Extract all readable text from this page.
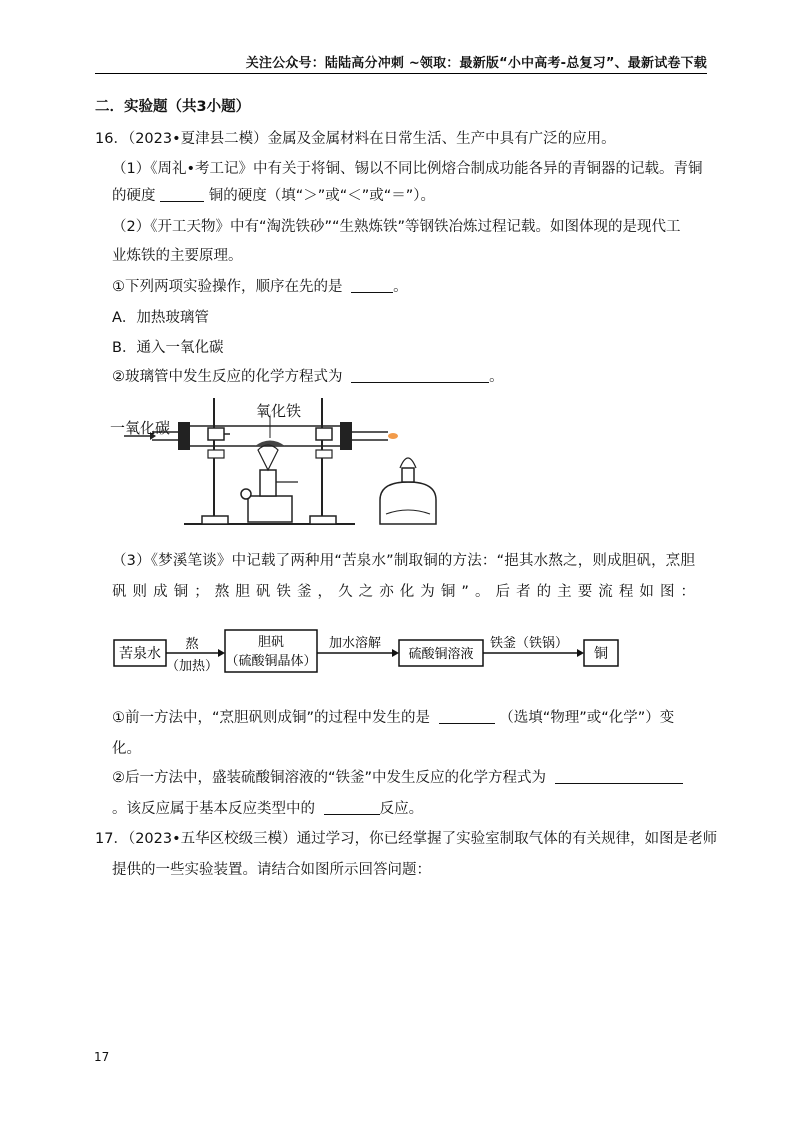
关注公众号：陆陆高分冲刺 ~领取：最新版“小中高考-总复习”、最新试卷下载
二．实验题（共3小题）
16．（2023•夏津县二模）金属及金属材料在日常生活、生产中具有广泛的应用。
（1）《周礼•考工记》中有关于将铜、锡以不同比例熔合制成功能各异的青铜器的记载。青铜
的硬度	铜的硬度（填“＞”或“＜”或“＝”）。
（2）《开工天物》中有“淘洗铁砂”“生熟炼铁”等钢铁冶炼过程记载。如图体现的是现代工
业炼铁的主要原理。
①下列两项实验操作，顺序在先的是	。
A．加热玻璃管
B．通入一氧化碳
②玻璃管中发生反应的化学方程式为	。
一氧化碳
氧化铁
（3）《梦溪笔谈》中记载了两种用“苦泉水”制取铜的方法：“挹其水熬之，则成胆矾，烹胆
矾则成铜；熬胆矾铁釜，久之亦化为铜”。后者的主要流程如图：
苦泉水
熬
（加热）
胆矾
（硫酸铜晶体）
加水溶解
硫酸铜溶液
铁釜（铁锅）
铜
①前一方法中，“烹胆矾则成铜”的过程中发生的是	（选填“物理”或“化学”）变
化。
②后一方法中，盛装硫酸铜溶液的“铁釜”中发生反应的化学方程式为
。该反应属于基本反应类型中的	反应。
17．（2023•五华区校级三模）通过学习，你已经掌握了实验室制取气体的有关规律，如图是老师
提供的一些实验装置。请结合如图所示回答问题：
17
